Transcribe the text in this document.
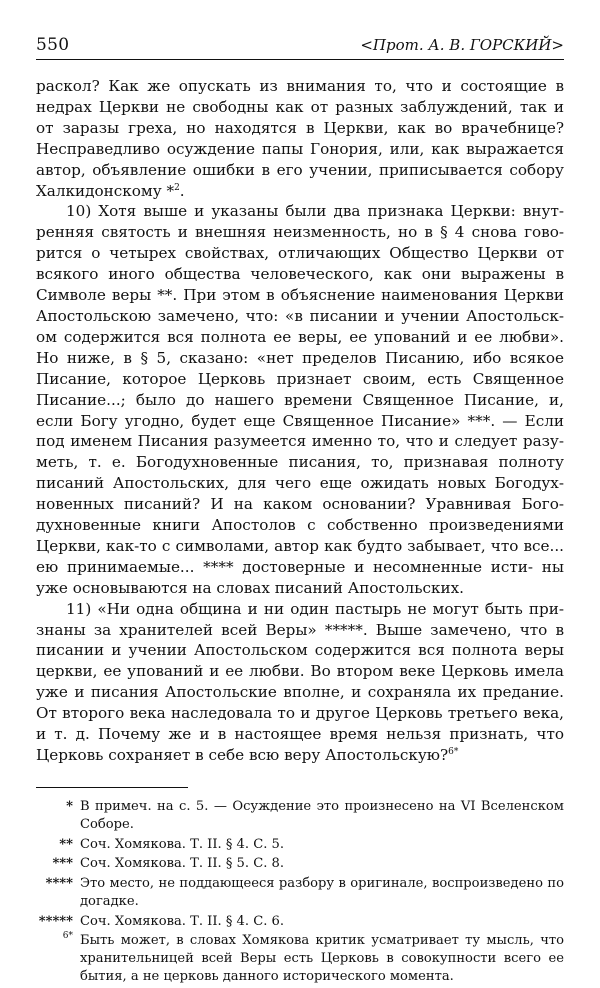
550	<Прот. А. В. ГОРСКИЙ>

раскол? Как же опускать из внимания то, что и состоящие в недрах Церкви не свободны как от разных заблуждений, так и от заразы греха, но находятся в Церкви, как во врачебнице? Несправедливо осуждение папы Гонория, или, как выражается автор, объявление ошибки в его учении, приписывается собору Халкидонскому *$^2$.

10) Хотя выше и указаны были два признака Церкви: внут- ренняя святость и внешняя неизменность, но в § 4 снова гово- рится о четырех свойствах, отличающих Общество Церкви от всякого иного общества человеческого, как они выражены в Символе веры **. При этом в объяснение наименования Церкви Апостольскою замечено, что: «в писании и учении Апостольск- ом содержится вся полнота ее веры, ее упований и ее любви». Но ниже, в § 5, сказано: «нет пределов Писанию, ибо всякое Писание, которое Церковь признает своим, есть Священное Писание...; было до нашего времени Священное Писание, и, если Богу угодно, будет еще Священное Писание» ***. — Если под именем Писания разумеется именно то, что и следует разу- меть, т. е. Богодухновенные писания, то, признавая полноту писаний Апостольских, для чего еще ожидать новых Богодух- новенных писаний? И на каком основании? Уравнивая Бого- духновенные книги Апостолов с собственно произведениями Церкви, как-то с символами, автор как будто забывает, что все... ею принимаемые... **** достоверные и несомненные исти- ны уже основываются на словах писаний Апостольских.

11) «Ни одна община и ни один пастырь не могут быть при- знаны за хранителей всей Веры» *****. Выше замечено, что в писании и учении Апостольском содержится вся полнота веры церкви, ее упований и ее любви. Во втором веке Церковь имела уже и писания Апостольские вполне, и сохраняла их предание. От второго века наследовала то и другое Церковь третьего века, и т. д. Почему же и в настоящее время нельзя признать, что Церковь сохраняет в себе всю веру Апостольскую?$^{6*}$

* В примеч. на с. 5. — Осуждение это произнесено на VI Вселенском Соборе.
** Соч. Хомякова. Т. II. § 4. С. 5.
*** Соч. Хомякова. Т. II. § 5. С. 8.
**** Это место, не поддающееся разбору в оригинале, воспроизведено по догадке.
***** Соч. Хомякова. Т. II. § 4. С. 6.
$^{6*}$ Быть может, в словах Хомякова критик усматривает ту мысль, что хранительницей всей Веры есть Церковь в совокупности всего ее бытия, а не церковь данного исторического момента.
